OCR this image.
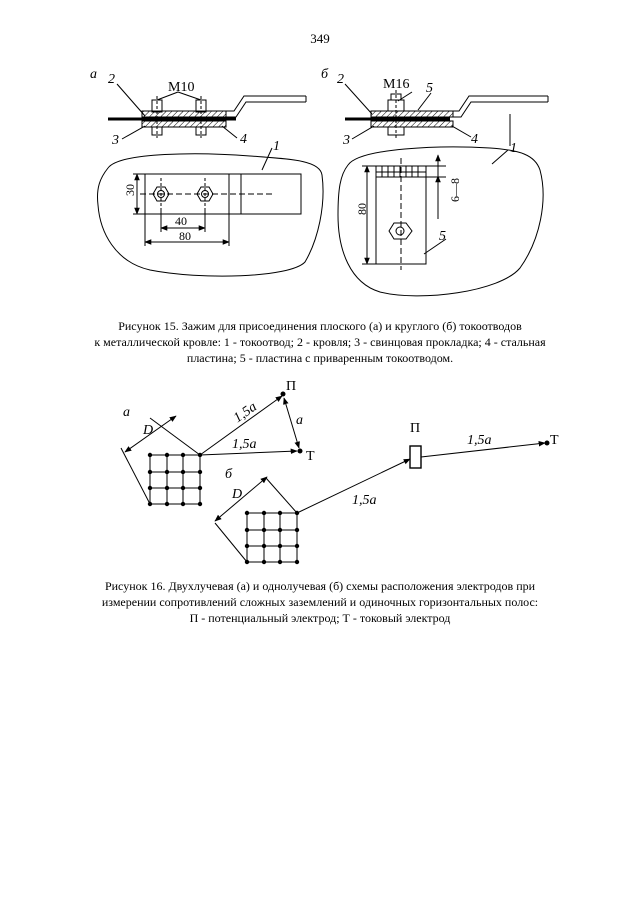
349
а 2
М10
3	4 1
30
40
80
б 2	М16 5
3	4
1
80
6—8
5
а
D
1,5а
1,5а
П
а
Т
б
D	1,5а
П
1,5а	Т
Рисунок 15. Зажим для присоединения плоского (а) и круглого (б) токоотводов
к металлической кровле: 1 - токоотвод; 2 - кровля; 3 - свинцовая прокладка; 4 - стальная
пластина; 5 - пластина с приваренным токоотводом.
Рисунок 16. Двухлучевая (а) и однолучевая (б) схемы расположения электродов при
измерении сопротивлений сложных заземлений и одиночных горизонтальных полос:
П - потенциальный электрод; Т - токовый электрод
